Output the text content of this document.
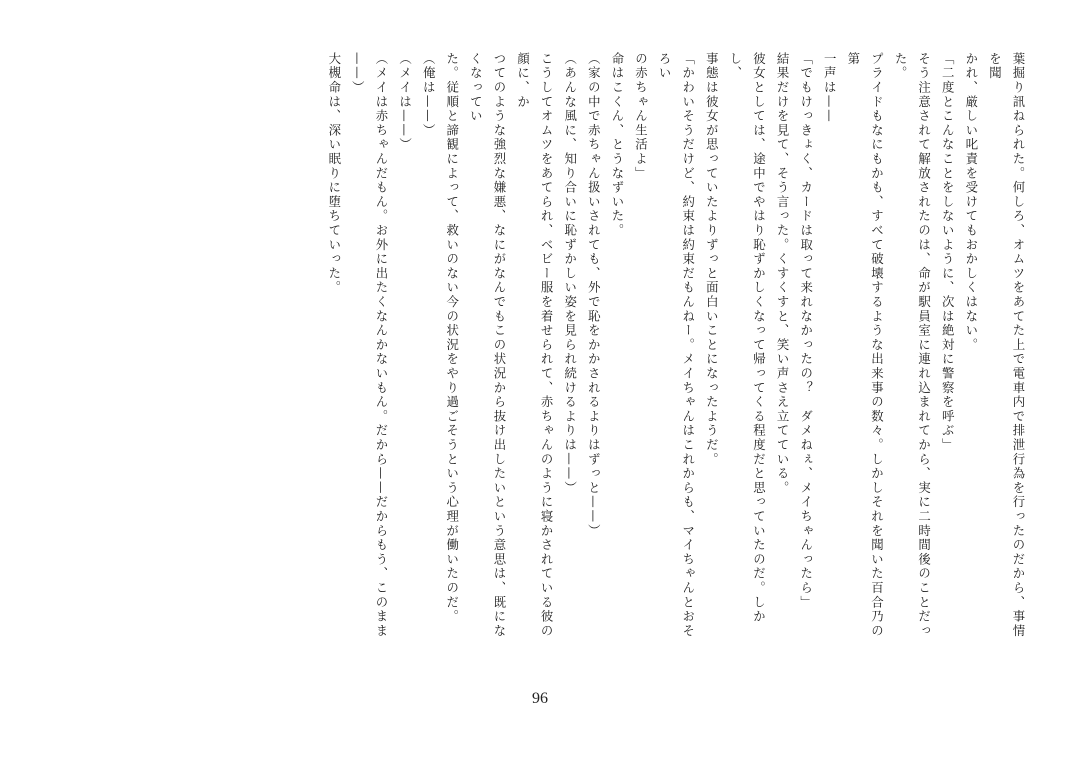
葉掘り訊ねられた。何しろ、オムツをあてた上で電車内で排泄行為を行ったのだから、事情を聞

かれ、厳しい叱責を受けてもおかしくはない。

「二度とこんなことをしないように、次は絶対に警察を呼ぶ」

そう注意されて解放されたのは、命が駅員室に連れ込まれてから、実に二時間後のことだった。

プライドもなにもかも、すべて破壊するような出来事の数々。しかしそれを聞いた百合乃の第

一声は——

「でもけっきょく、カードは取って来れなかったの？　ダメねぇ、メイちゃんったら」

結果だけを見て、そう言った。くすくすと、笑い声さえ立てている。

彼女としては、途中でやはり恥ずかしくなって帰ってくる程度だと思っていたのだ。しかし、

事態は彼女が思っていたよりずっと面白いことになったようだ。

「かわいそうだけど、約束は約束だもんねー。メイちゃんはこれからも、マイちゃんとおそろい

の赤ちゃん生活よ」

命はこくん、とうなずいた。

（家の中で赤ちゃん扱いされても、外で恥をかかされるよりはずっと——）

（あんな風に、知り合いに恥ずかしい姿を見られ続けるよりは——）

こうしてオムツをあてられ、ベビー服を着せられて、赤ちゃんのように寝かされている彼の顔に、か

つてのような強烈な嫌悪、なにがなんでもこの状況から抜け出したいという意思は、既になくなってい

た。従順と諦観によって、救いのない今の状況をやり過ごそうという心理が働いたのだ。

（俺は——）

（メイは——）

（メイは赤ちゃんだもん。お外に出たくなんかないもん。だから——だからもう、このまま——）

大槻命は、深い眠りに堕ちていった。

96
